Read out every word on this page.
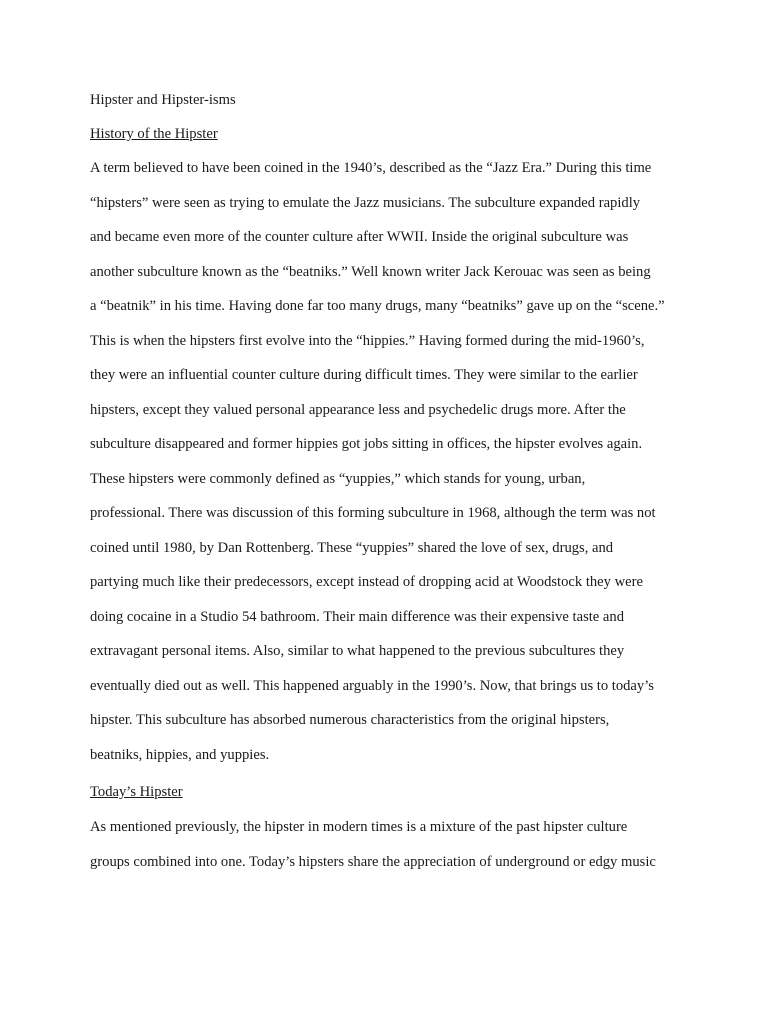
Hipster and Hipster-isms
History of the Hipster
A term believed to have been coined in the 1940’s, described as the “Jazz Era.” During this time
“hipsters” were seen as trying to emulate the Jazz musicians. The subculture expanded rapidly
and became even more of the counter culture after WWII. Inside the original subculture was
another subculture known as the “beatniks.” Well known writer Jack Kerouac was seen as being
a “beatnik” in his time. Having done far too many drugs, many “beatniks” gave up on the “scene.”
This is when the hipsters first evolve into the “hippies.” Having formed during the mid-1960’s,
they were an influential counter culture during difficult times. They were similar to the earlier
hipsters, except they valued personal appearance less and psychedelic drugs more. After the
subculture disappeared and former hippies got jobs sitting in offices, the hipster evolves again.
These hipsters were commonly defined as “yuppies,” which stands for young, urban,
professional. There was discussion of this forming subculture in 1968, although the term was not
coined until 1980, by Dan Rottenberg. These “yuppies” shared the love of sex, drugs, and
partying much like their predecessors, except instead of dropping acid at Woodstock they were
doing cocaine in a Studio 54 bathroom. Their main difference was their expensive taste and
extravagant personal items. Also, similar to what happened to the previous subcultures they
eventually died out as well. This happened arguably in the 1990’s. Now, that brings us to today’s
hipster. This subculture has absorbed numerous characteristics from the original hipsters,
beatniks, hippies, and yuppies.
Today’s Hipster
As mentioned previously, the hipster in modern times is a mixture of the past hipster culture
groups combined into one. Today’s hipsters share the appreciation of underground or edgy music
